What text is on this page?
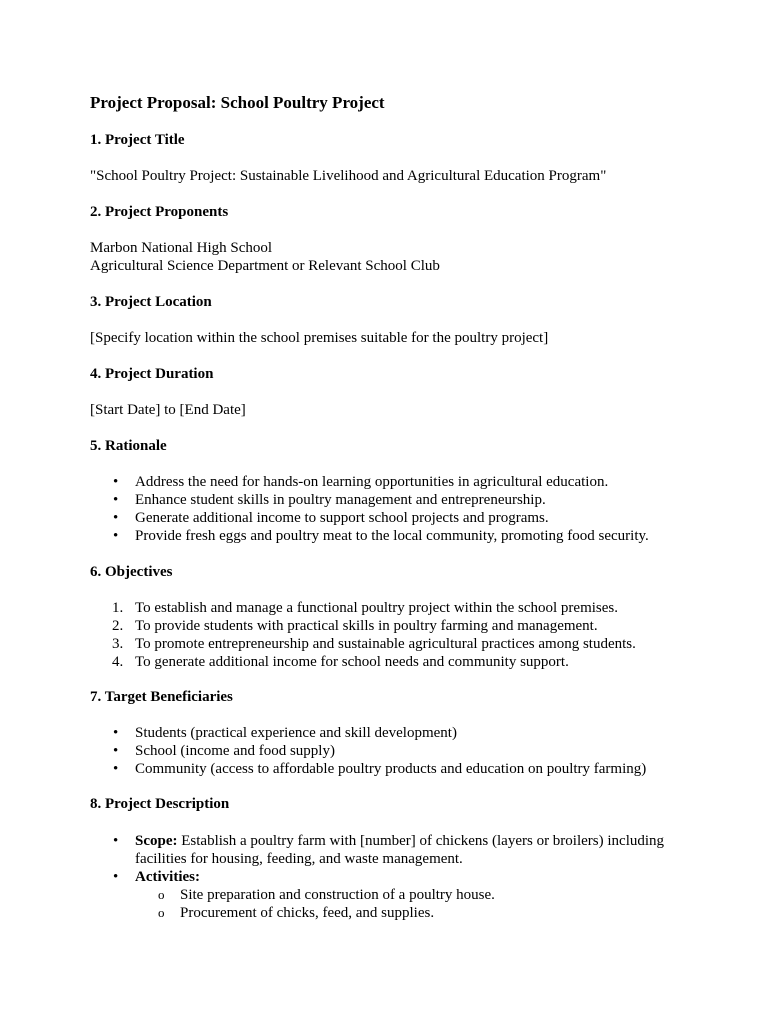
Project Proposal: School Poultry Project
1. Project Title
"School Poultry Project: Sustainable Livelihood and Agricultural Education Program"
2. Project Proponents
Marbon National High School
Agricultural Science Department or Relevant School Club
3. Project Location
[Specify location within the school premises suitable for the poultry project]
4. Project Duration
[Start Date] to [End Date]
5. Rationale
• Address the need for hands-on learning opportunities in agricultural education.
• Enhance student skills in poultry management and entrepreneurship.
• Generate additional income to support school projects and programs.
• Provide fresh eggs and poultry meat to the local community, promoting food security.
6. Objectives
1. To establish and manage a functional poultry project within the school premises.
2. To provide students with practical skills in poultry farming and management.
3. To promote entrepreneurship and sustainable agricultural practices among students.
4. To generate additional income for school needs and community support.
7. Target Beneficiaries
• Students (practical experience and skill development)
• School (income and food supply)
• Community (access to affordable poultry products and education on poultry farming)
8. Project Description
• Scope: Establish a poultry farm with [number] of chickens (layers or broilers) including facilities for housing, feeding, and waste management.
• Activities:
o Site preparation and construction of a poultry house.
o Procurement of chicks, feed, and supplies.
